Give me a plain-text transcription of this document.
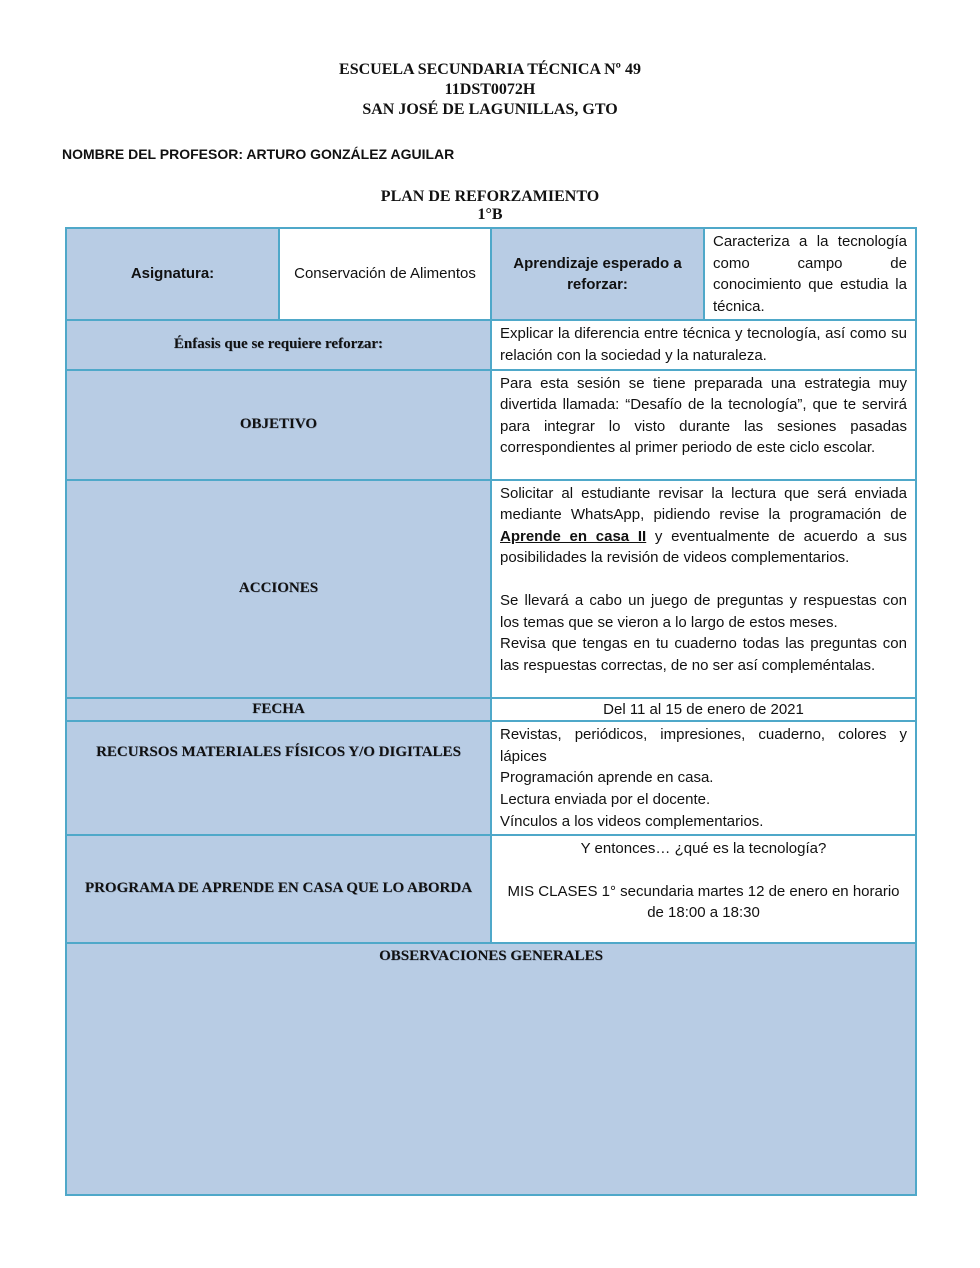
ESCUELA SECUNDARIA TÉCNICA Nº 49
11DST0072H
SAN JOSÉ DE LAGUNILLAS, GTO
NOMBRE DEL PROFESOR: ARTURO GONZÁLEZ AGUILAR
PLAN DE REFORZAMIENTO
1°B
Asignatura:	Conservación de Alimentos	Aprendizaje esperado a reforzar:	Caracteriza a la tecnología como campo de conocimiento que estudia la técnica.
Énfasis que se requiere reforzar:		Explicar la diferencia entre técnica y tecnología, así como su relación con la sociedad y la naturaleza.	
OBJETIVO		Para esta sesión se tiene preparada una estrategia muy divertida llamada: “Desafío de la tecnología”, que te servirá para integrar lo visto durante las sesiones pasadas correspondientes al primer periodo de este ciclo escolar.	
ACCIONES		Solicitar al estudiante revisar la lectura que será enviada mediante WhatsApp, pidiendo revise la programación de Aprende en casa II y eventualmente de acuerdo a sus posibilidades la revisión de videos complementarios.

Se llevará a cabo un juego de preguntas y respuestas con los temas que se vieron a lo largo de estos meses.

Revisa que tengas en tu cuaderno todas las preguntas con las respuestas correctas, de no ser así compleméntalas.	

FECHA		Del 11 al 15 de enero de 2021	
RECURSOS MATERIALES FÍSICOS Y/O DIGITALES		Revistas, periódicos, impresiones, cuaderno, colores y lápices

Programación aprende en casa.

Lectura enviada por el docente.

Vínculos a los videos complementarios.	

PROGRAMA DE APRENDE EN CASA QUE LO ABORDA		Y entonces… ¿qué es la tecnología?

MIS CLASES 1° secundaria martes 12 de enero en horario de 18:00 a 18:30	

OBSERVACIONES GENERALES			
